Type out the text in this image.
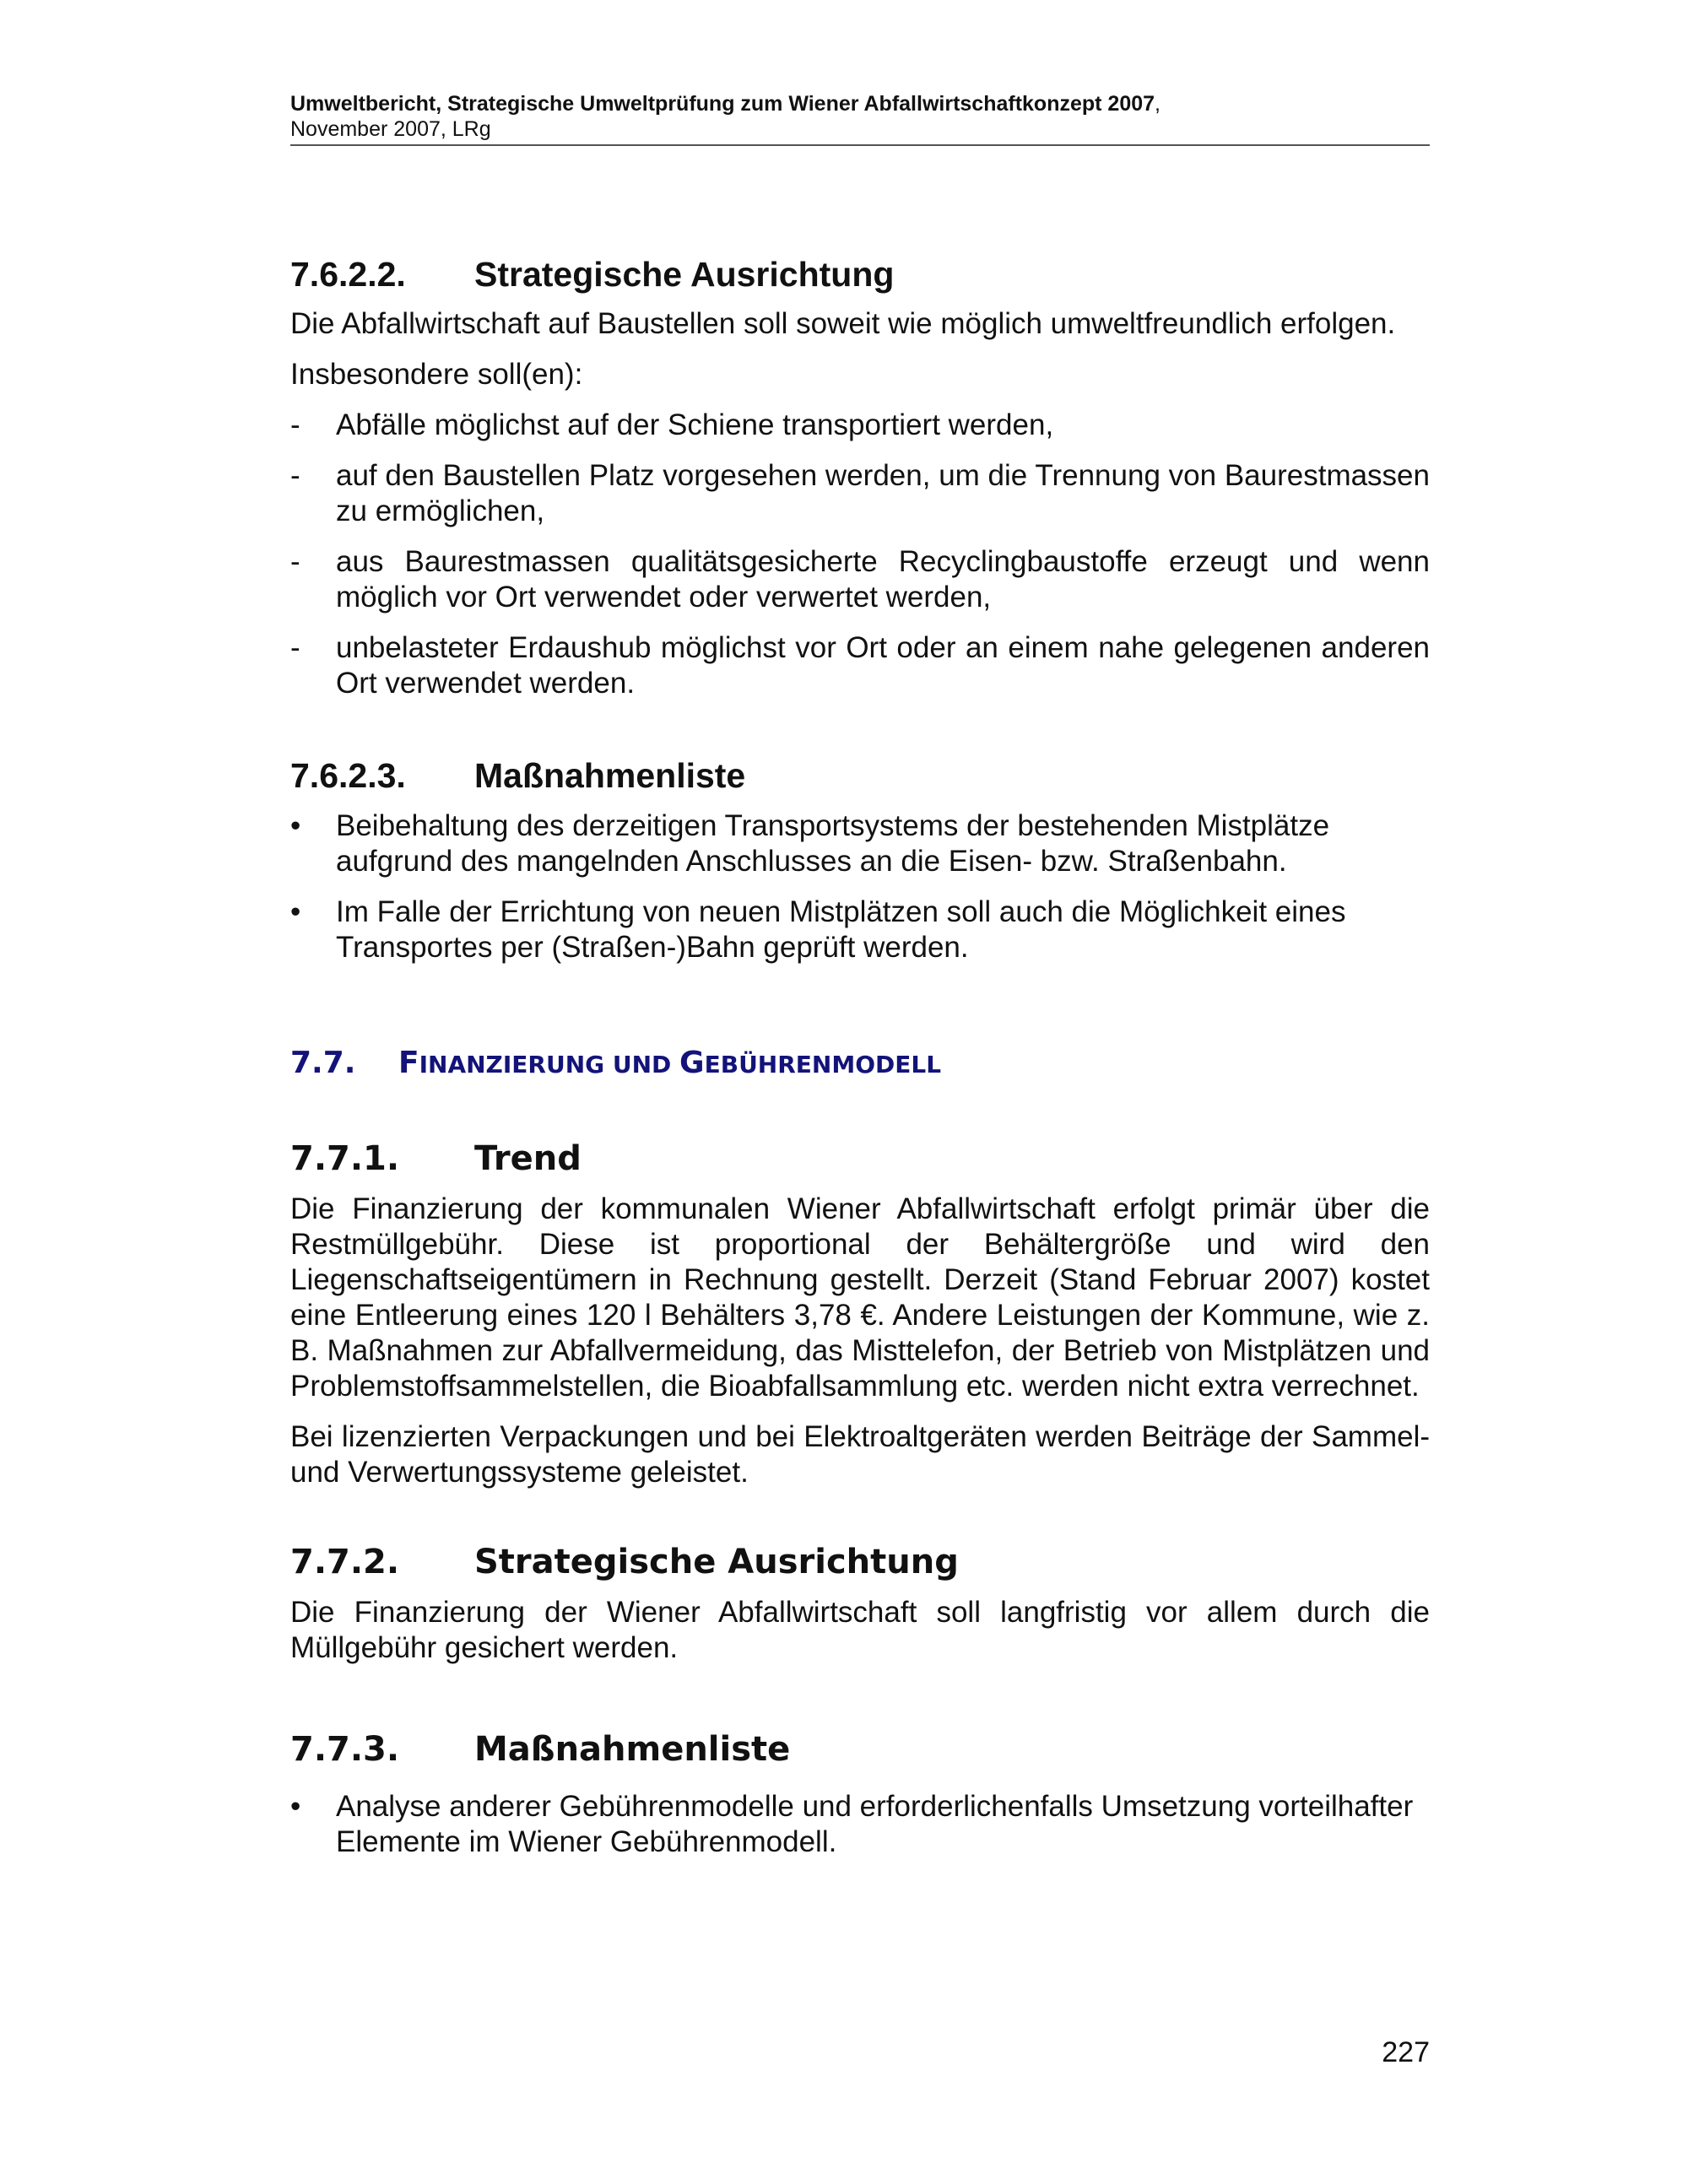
Umweltbericht, Strategische Umweltprüfung zum Wiener Abfallwirtschaftkonzept 2007,
November 2007, LRg
7.6.2.2. Strategische Ausrichtung

Die Abfallwirtschaft auf Baustellen soll soweit wie möglich umweltfreundlich erfolgen.

Insbesondere soll(en):

- Abfälle möglichst auf der Schiene transportiert werden,
- auf den Baustellen Platz vorgesehen werden, um die Trennung von Baurestmassen zu ermöglichen,
- aus Baurestmassen qualitätsgesicherte Recyclingbaustoffe erzeugt und wenn möglich vor Ort verwendet oder verwertet werden,
- unbelasteter Erdaushub möglichst vor Ort oder an einem nahe gelegenen anderen Ort verwendet werden.
7.6.2.3. Maßnahmenliste
• Beibehaltung des derzeitigen Transportsystems der bestehenden Mistplätze aufgrund des mangelnden Anschlusses an die Eisen- bzw. Straßenbahn.
• Im Falle der Errichtung von neuen Mistplätzen soll auch die Möglichkeit eines Transportes per (Straßen-)Bahn geprüft werden.
7.7. FINANZIERUNG UND GEBÜHRENMODELL
7.7.1. Trend

Die Finanzierung der kommunalen Wiener Abfallwirtschaft erfolgt primär über die Restmüllgebühr. Diese ist proportional der Behältergröße und wird den Liegenschaftseigentümern in Rechnung gestellt. Derzeit (Stand Februar 2007) kostet eine Entleerung eines 120 l Behälters 3,78 €. Andere Leistungen der Kommune, wie z. B. Maßnahmen zur Abfallvermeidung, das Misttelefon, der Betrieb von Mistplätzen und Problemstoffsammelstellen, die Bioabfallsammlung etc. werden nicht extra verrechnet.

Bei lizenzierten Verpackungen und bei Elektroaltgeräten werden Beiträge der Sammel- und Verwertungssysteme geleistet.

7.7.2. Strategische Ausrichtung

Die Finanzierung der Wiener Abfallwirtschaft soll langfristig vor allem durch die Müllgebühr gesichert werden.

7.7.3. Maßnahmenliste
• Analyse anderer Gebührenmodelle und erforderlichenfalls Umsetzung vorteilhafter Elemente im Wiener Gebührenmodell.
227
